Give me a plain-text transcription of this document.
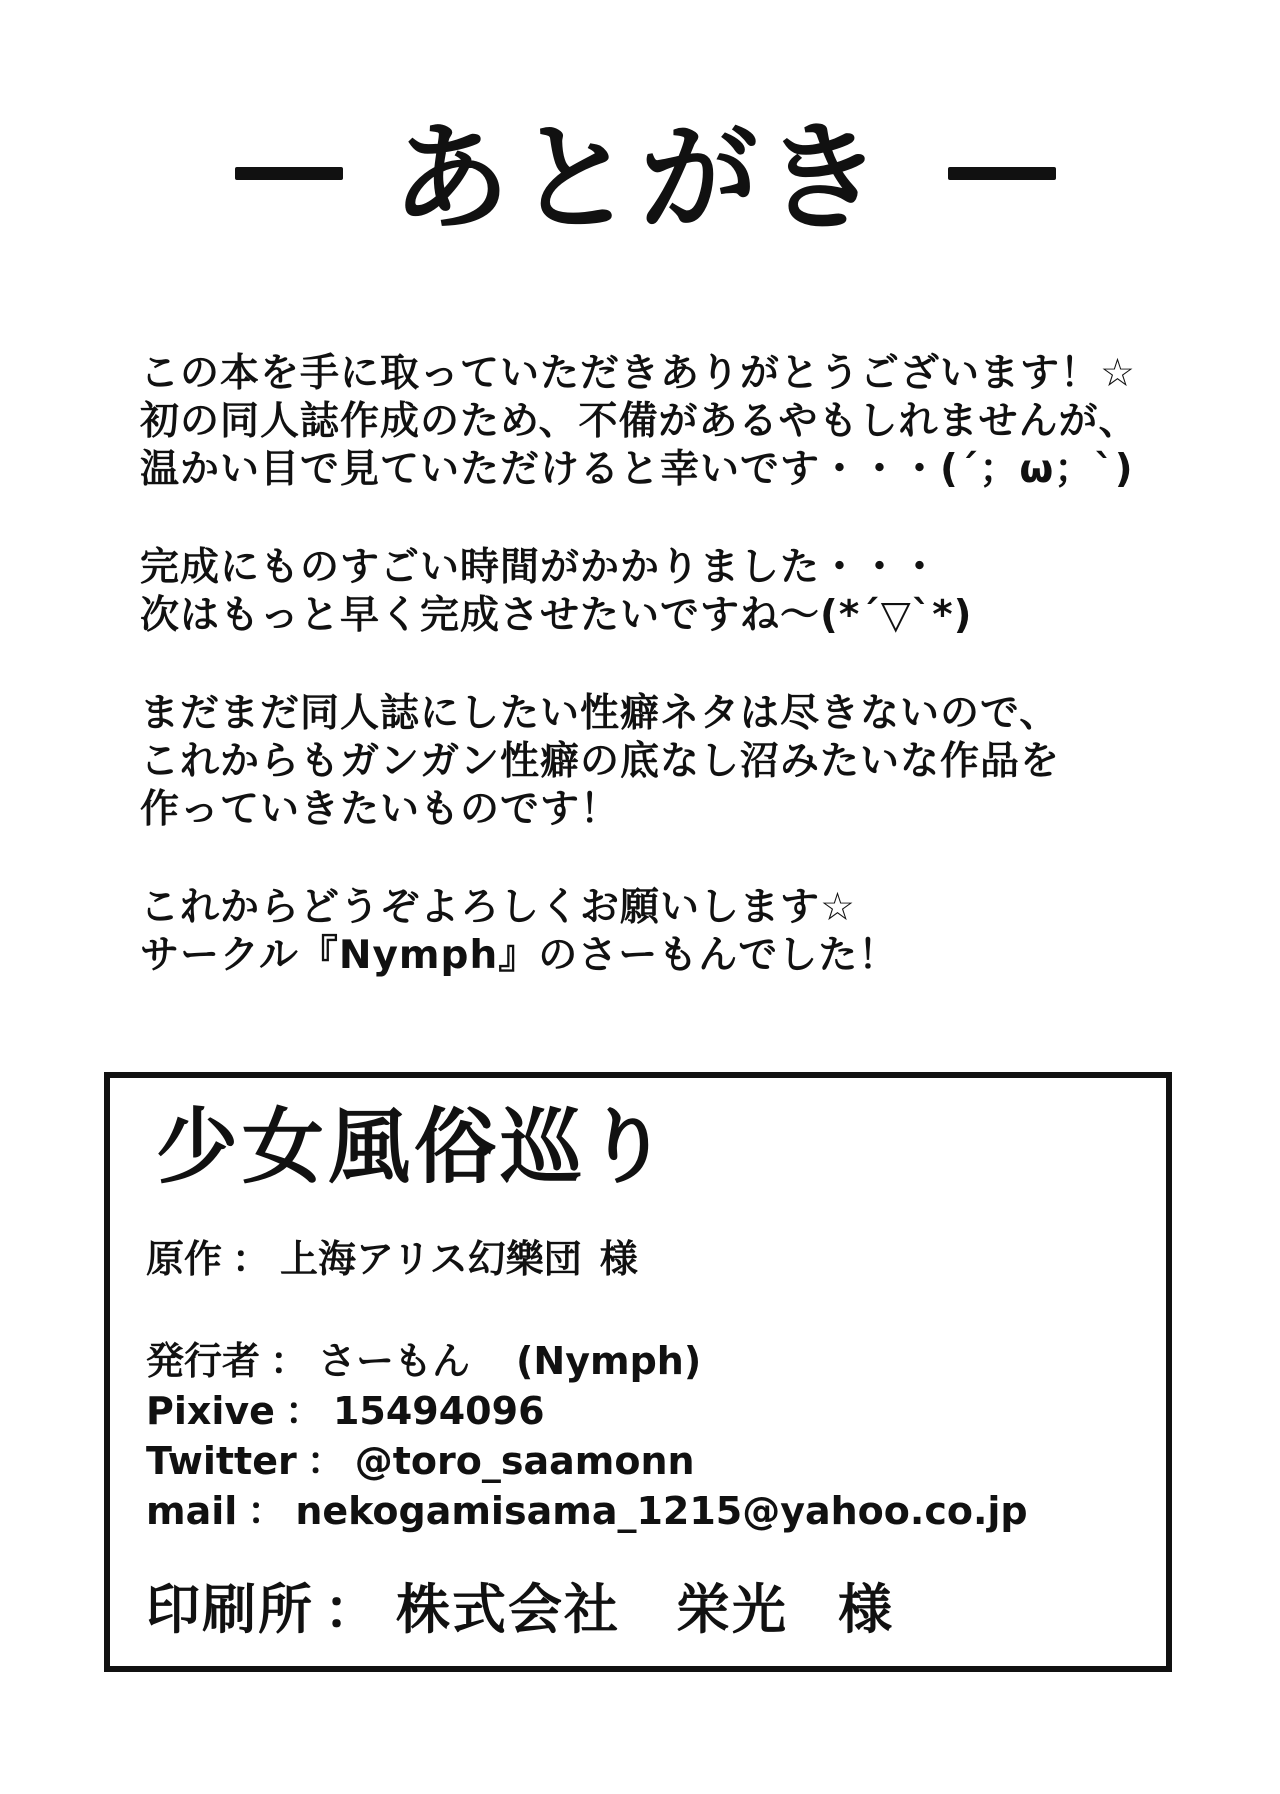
あとがき
この本を手に取っていただきありがとうございます！☆
初の同人誌作成のため、不備があるやもしれませんが、
温かい目で見ていただけると幸いです・・・(´；ω；`)
完成にものすごい時間がかかりました・・・
次はもっと早く完成させたいですね～(*´▽`*)
まだまだ同人誌にしたい性癖ネタは尽きないので、
これからもガンガン性癖の底なし沼みたいな作品を
作っていきたいものです！
これからどうぞよろしくお願いします☆
サークル『Nymph』のさーもんでした！
少女風俗巡り
原作 ： 上海アリス幻樂団 様
発行者 ： さーもん (Nymph)
Pixive ： 15494096
Twitter ： @toro_saamonn
mail ： nekogamisama_1215@yahoo.co.jp
印刷所 ： 株式会社　栄光 様
